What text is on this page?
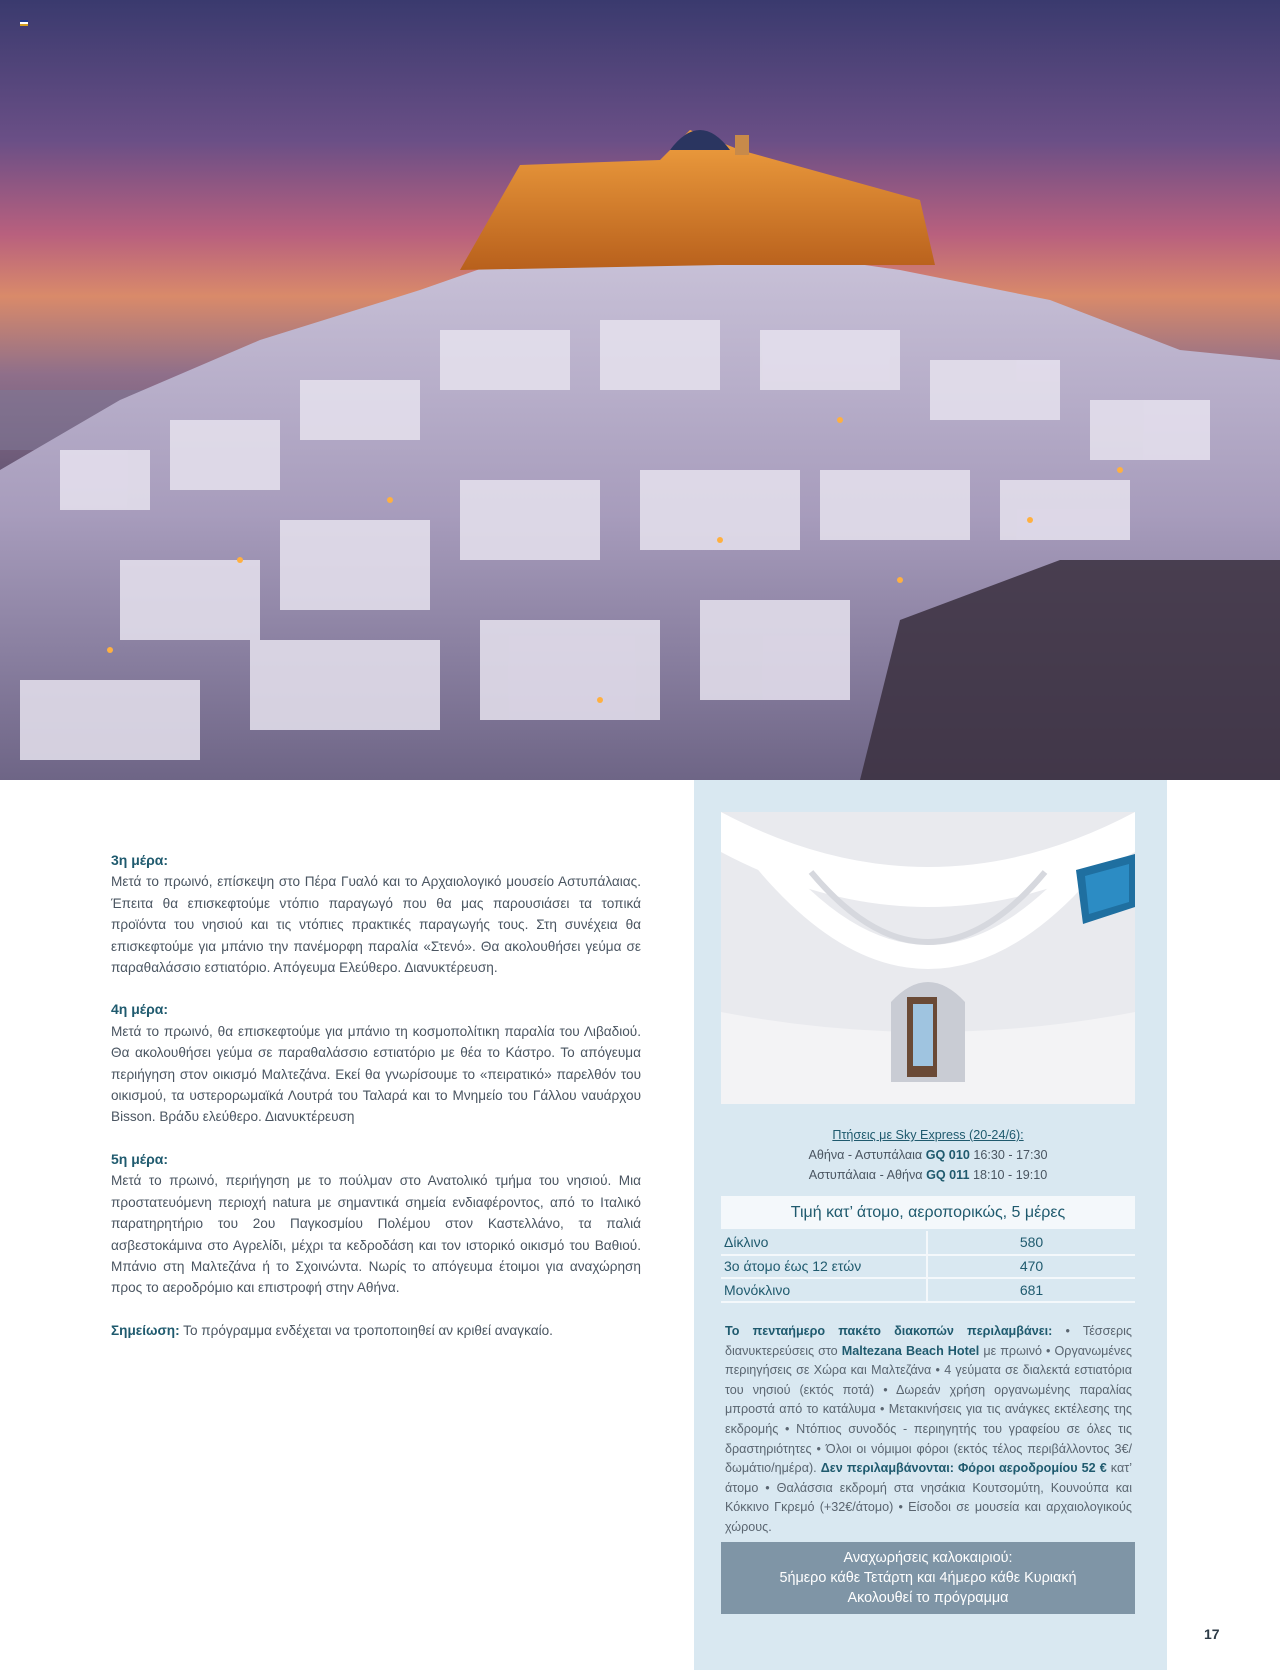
3η μέρα:
Μετά το πρωινό, επίσκεψη στο Πέρα Γυαλό και το Αρχαιολογικό μουσείο Αστυπάλαιας. Έπειτα θα επισκεφτούμε ντόπιο παραγωγό που θα μας παρουσιάσει τα τοπικά προϊόντα του νησιού και τις ντόπιες πρακτικές παραγωγής τους. Στη συνέχεια θα επισκεφτούμε για μπάνιο την πανέμορφη παραλία «Στενό». Θα ακολουθήσει γεύμα σε παραθαλάσσιο εστιατόριο. Απόγευμα Ελεύθερο. Διανυκτέρευση.
4η μέρα:
Μετά το πρωινό, θα επισκεφτούμε για μπάνιο τη κοσμοπολίτικη παραλία του Λιβαδιού. Θα ακολουθήσει γεύμα σε παραθαλάσσιο εστιατόριο με θέα το Κάστρο. Το απόγευμα περιήγηση στον οικισμό Μαλτεζάνα. Εκεί θα γνωρίσουμε το «πειρατικό» παρελθόν του οικισμού, τα υστερορωμαϊκά Λουτρά του Ταλαρά και το Μνημείο του Γάλλου ναυάρχου Bisson. Βράδυ ελεύθερο. Διανυκτέρευση
5η μέρα:
Μετά το πρωινό, περιήγηση με το πούλμαν στο Ανατολικό τμήμα του νησιού. Μια προστατευόμενη περιοχή natura με σημαντικά σημεία ενδιαφέροντος, από το Ιταλικό παρατηρητήριο του 2ου Παγκοσμίου Πολέμου στον Καστελλάνο, τα παλιά ασβεστοκάμινα στο Αγρελίδι, μέχρι τα κεδροδάση και τον ιστορικό οικισμό του Βαθιού. Μπάνιο στη Μαλτεζάνα ή το Σχοινώντα. Νωρίς το απόγευμα έτοιμοι για αναχώρηση προς το αεροδρόμιο και επιστροφή στην Αθήνα.
Σημείωση: Το πρόγραμμα ενδέχεται να τροποποιηθεί αν κριθεί αναγκαίο.
Πτήσεις με Sky Express (20-24/6):
Αθήνα - Αστυπάλαια GQ 010 16:30 - 17:30
Αστυπάλαια - Αθήνα GQ 011 18:10 - 19:10
Τιμή κατ’ άτομο, αεροπορικώς, 5 μέρες
Δίκλινο	580
3ο άτομο έως 12 ετών	470
Μονόκλινο	681
Το πενταήμερο πακέτο διακοπών περιλαμβάνει: • Τέσσερις διανυκτερεύσεις στο Maltezana Beach Hotel με πρωινό • Οργανωμένες περιηγήσεις σε Χώρα και Μαλτεζάνα • 4 γεύματα σε διαλεκτά εστιατόρια του νησιού (εκτός ποτά) • Δωρεάν χρήση οργανωμένης παραλίας μπροστά από το κατάλυμα • Μετακινήσεις για τις ανάγκες εκτέλεσης της εκδρομής • Ντόπιος συνοδός - περιηγητής του γραφείου σε όλες τις δραστηριότητες • Όλοι οι νόμιμοι φόροι (εκτός τέλος περιβάλλοντος 3€/δωμάτιο/ημέρα). Δεν περιλαμβάνονται: Φόροι αεροδρομίου 52 € κατ’ άτομο • Θαλάσσια εκδρομή στα νησάκια Κουτσομύτη, Κουνούπα και Κόκκινο Γκρεμό (+32€/άτομο) • Είσοδοι σε μουσεία και αρχαιολογικούς χώρους.
Αναχωρήσεις καλοκαιριού:
5ήμερο κάθε Τετάρτη και 4ήμερο κάθε Κυριακή
Ακολουθεί το πρόγραμμα
17
